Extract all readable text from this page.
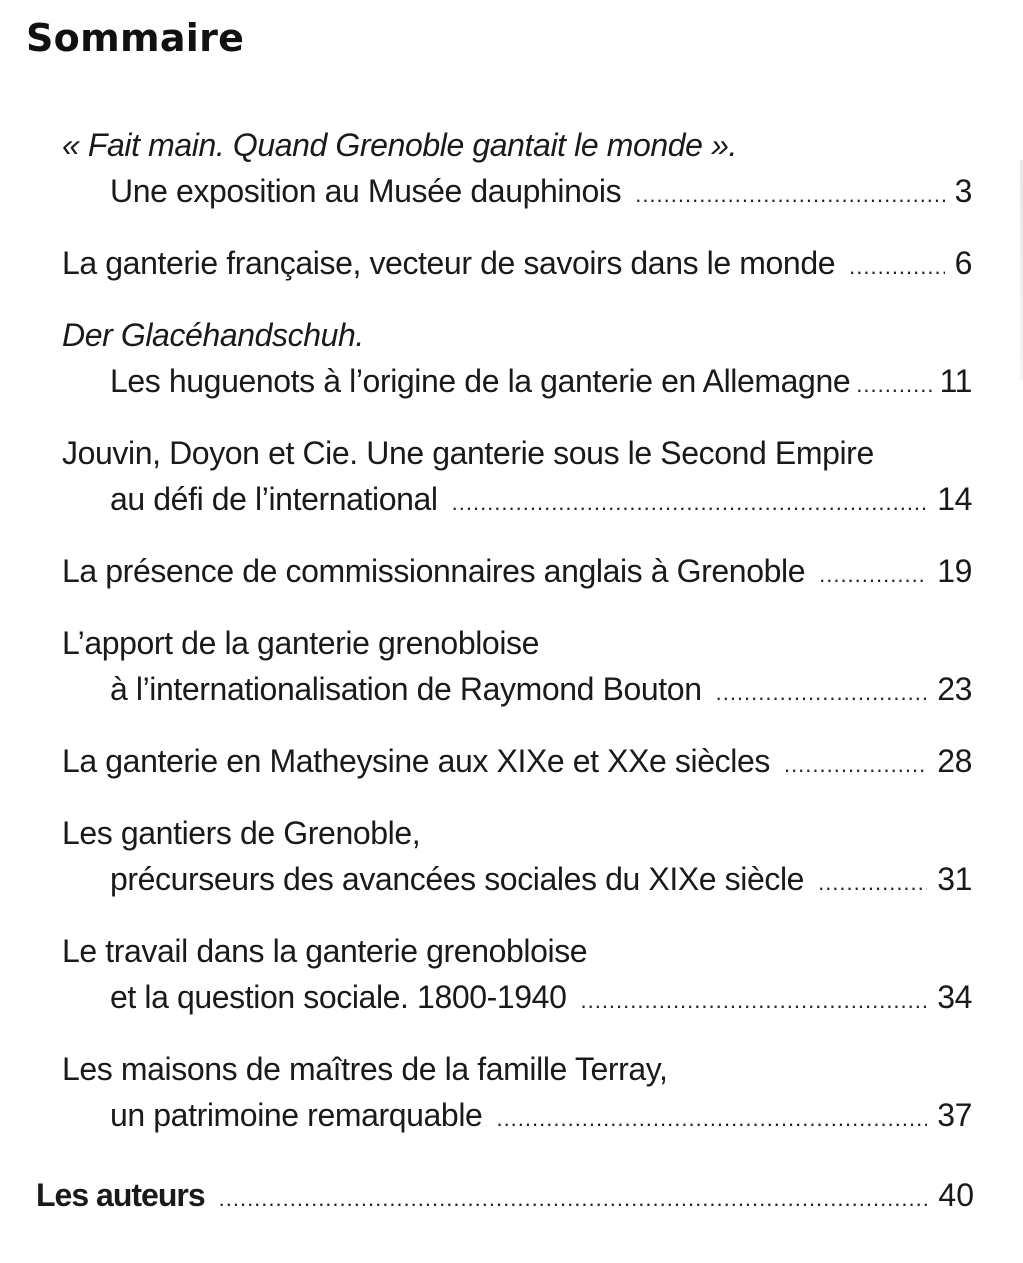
Sommaire
« Fait main. Quand Grenoble gantait le monde ».
Une exposition au Musée dauphinois .....	3
La ganterie française, vecteur de savoirs dans le monde .....	6
Der Glacéhandschuh.
Les huguenots à l’origine de la ganterie en Allemagne .....	11
Jouvin, Doyon et Cie. Une ganterie sous le Second Empire
au défi de l’international .....	14
La présence de commissionnaires anglais à Grenoble .....	19
L’apport de la ganterie grenobloise
à l’internationalisation de Raymond Bouton .....	23
La ganterie en Matheysine aux XIXe et XXe siècles .....	28
Les gantiers de Grenoble,
précurseurs des avancées sociales du XIXe siècle .....	31
Le travail dans la ganterie grenobloise
et la question sociale. 1800-1940 .....	34
Les maisons de maîtres de la famille Terray,
un patrimoine remarquable .....	37
Les auteurs .....	40
